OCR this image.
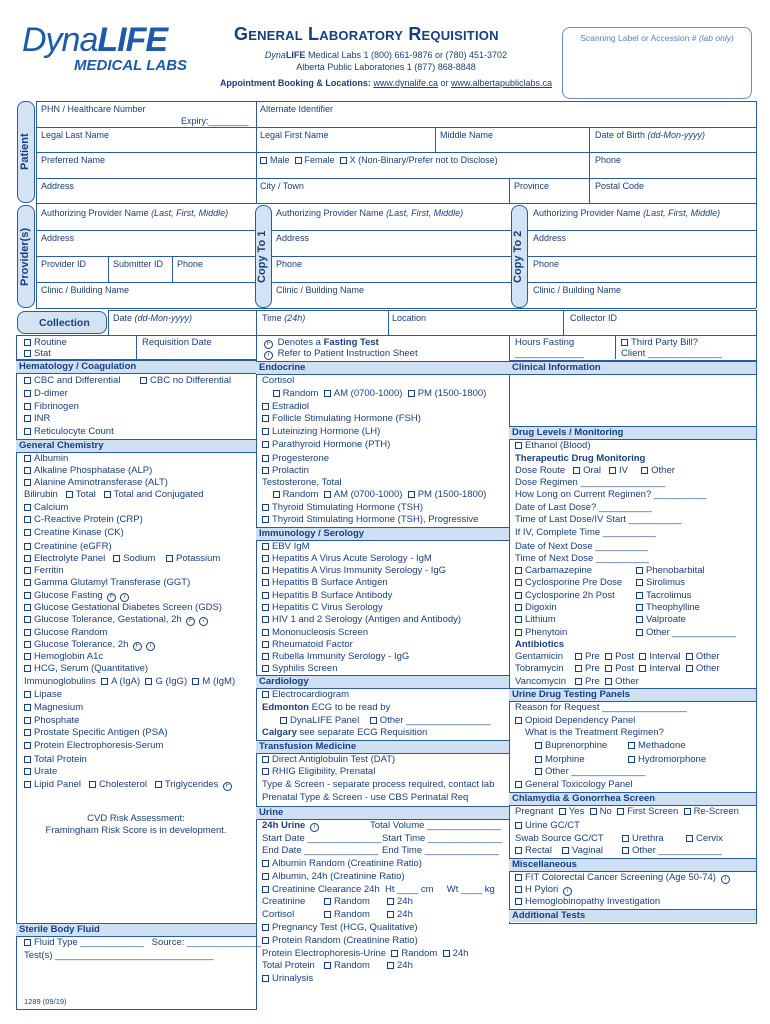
DynaLIFE
MEDICAL LABS
General Laboratory Requisition
DynaLIFE Medical Labs 1 (800) 661-9876 or (780) 451-3702
Alberta Public Laboratories 1 (877) 868-8848
Appointment Booking & Locations: www.dynalife.ca or www.albertapubliclabs.ca
Scanning Label or Accession # (lab only)
Patient
Provider(s)	Copy To 1	Copy To 2
PHN / Healthcare Number
Expiry:________
Alternate Identifier
Legal Last Name	Legal First Name	Middle Name	Date of Birth (dd-Mon-yyyy)
Preferred Name	Male Female X (Non-Binary/Prefer not to Disclose)	Phone
Address	City / Town	Province	Postal Code
Authorizing Provider Name (Last, First, Middle)	Authorizing Provider Name (Last, First, Middle)	Authorizing Provider Name (Last, First, Middle)
Address	Address	Address
Provider ID	Submitter ID Phone	Phone	Phone
Clinic / Building Name	Clinic / Building Name	Clinic / Building Name
Collection	Date (dd-Mon-yyyy)	Time (24h)	Location	Collector ID
Routine
Stat
Requisition Date
Hematology / Coagulation
CBC and Differential	CBC no Differential
D-dimer
Fibrinogen
INR
Reticulocyte Count
General Chemistry
Albumin
Alkaline Phosphatase (ALP)
Alanine Aminotransferase (ALT)
Bilirubin Total Total and Conjugated
Calcium
C-Reactive Protein (CRP)
Creatine Kinase (CK)
Creatinine (eGFR)
Electrolyte Panel Sodium Potassium
Ferritin
Gamma Glutamyl Transferase (GGT)
Glucose Fasting F i
Glucose Gestational Diabetes Screen (GDS)
Glucose Tolerance, Gestational, 2h F i
Glucose Random
Glucose Tolerance, 2h F i
Hemoglobin A1c
HCG, Serum (Quantitative)
Immunoglobulins A (IgA) G (IgG) M (IgM)
Lipase
Magnesium
Phosphate
Prostate Specific Antigen (PSA)
Protein Electrophoresis-Serum
Total Protein
Urate
Lipid Panel Cholesterol Triglycerides F
CVD Risk Assessment:
Framingham Risk Score is in development.
Sterile Body Fluid
Fluid Type ____________ Source: ______________
Test(s) ______________________________
1289 (09/19)
F Denotes a Fasting Test
i Refer to Patient Instruction Sheet
Endocrine
Cortisol
Random AM (0700-1000) PM (1500-1800)
Estradiol
Follicle Stimulating Hormone (FSH)
Luteinizing Hormone (LH)
Parathyroid Hormone (PTH)
Progesterone
Prolactin
Testosterone, Total
Random AM (0700-1000) PM (1500-1800)
Thyroid Stimulating Hormone (TSH)
Thyroid Stimulating Hormone (TSH), Progressive
Immunology / Serology
EBV IgM
Hepatitis A Virus Acute Serology - IgM
Hepatitis A Virus Immunity Serology - IgG
Hepatitis B Surface Antigen
Hepatitis B Surface Antibody
Hepatitis C Virus Serology
HIV 1 and 2 Serology (Antigen and Antibody)
Mononucleosis Screen
Rheumatoid Factor
Rubella Immunity Serology - IgG
Syphilis Screen
Cardiology
Electrocardiogram
Edmonton ECG to be read by
DynaLIFE Panel Other ________________
Calgary see separate ECG Requisition
Transfusion Medicine
Direct Antiglobulin Test (DAT)
RHIG Eligibility, Prenatal
Type & Screen - separate process required, contact lab
Prenatal Type & Screen - use CBS Perinatal Req
Urine
24h Urine i	Total Volume ______________
Start Date ______________ Start Time ______________
End Date ______________ End Time ______________
Albumin Random (Creatinine Ratio)
Albumin, 24h (Creatinine Ratio)
Creatinine Clearance 24h  Ht ____ cm     Wt ____ kg
Creatinine	Random	24h
Cortisol	Random	24h
Pregnancy Test (HCG, Qualitative)
Protein Random (Creatinine Ratio)
Protein Electrophoresis-Urine Random 24h
Total Protein	Random	24h
Urinalysis
Hours Fasting
_____________
Third Party Bill?
Client ______________
Clinical Information
Drug Levels / Monitoring
Ethanol (Blood)
Therapeutic Drug Monitoring
Dose Route Oral IV Other
Dose Regimen ________________
How Long on Current Regimen? __________
Date of Last Dose? __________
Time of Last Dose/IV Start __________
If IV, Complete Time __________
Date of Next Dose __________
Time of Next Dose __________
Carbamazepine	Phenobarbital
Cyclosporine Pre Dose	Sirolimus
Cyclosporine 2h Post	Tacrolimus
Digoxin	Theophylline
Lithium	Valproate
Phenytoin	Other ____________
Antibiotics
Gentamicin	Pre Post Interval Other
Tobramycin	Pre Post Interval Other
Vancomycin	Pre Other
Urine Drug Testing Panels
Reason for Request ________________
Opioid Dependency Panel
What is the Treatment Regimen?
Buprenorphine	Methadone
Morphine	Hydromorphone
Other ______________
General Toxicology Panel
Chlamydia & Gonorrhea Screen
Pregnant Yes No First Screen Re-Screen
Urine GC/CT
Swab Source GC/CT	Urethra	Cervix
Rectal	Vaginal	Other ____________
Miscellaneous
FIT Colorectal Cancer Screening (Age 50-74) i
H Pylori i
Hemoglobinopathy Investigation
Additional Tests
